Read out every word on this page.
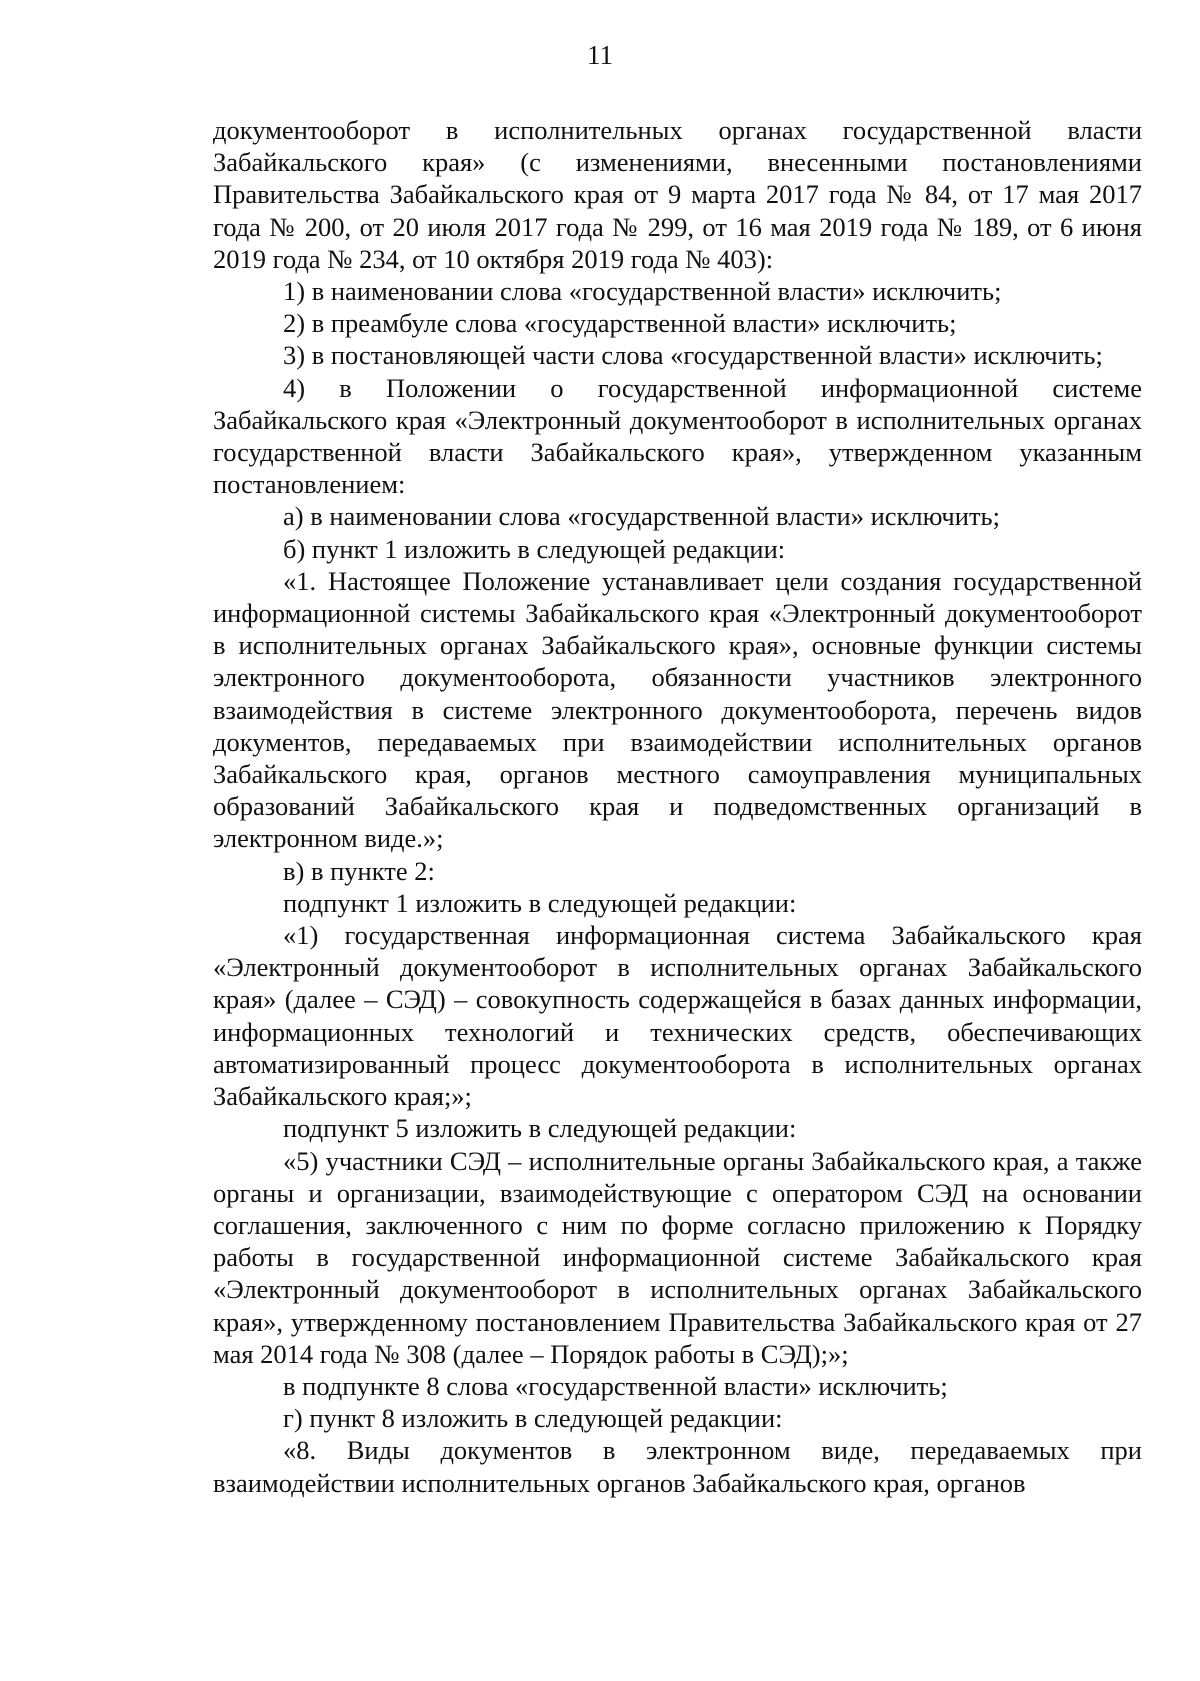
11

документооборот в исполнительных органах государственной власти Забайкальского края» (с изменениями, внесенными постановлениями Правительства Забайкальского края от 9 марта 2017 года № 84, от 17 мая 2017 года № 200, от 20 июля 2017 года № 299, от 16 мая 2019 года № 189, от 6 июня 2019 года № 234, от 10 октября 2019 года № 403):

1) в наименовании слова «государственной власти» исключить;

2) в преамбуле слова «государственной власти» исключить;

3) в постановляющей части слова «государственной власти» исключить;

4) в Положении о государственной информационной системе Забайкальского края «Электронный документооборот в исполнительных органах государственной власти Забайкальского края», утвержденном указанным постановлением:

а) в наименовании слова «государственной власти» исключить;

б) пункт 1 изложить в следующей редакции:

«1. Настоящее Положение устанавливает цели создания государственной информационной системы Забайкальского края «Электронный документооборот в исполнительных органах Забайкальского края», основные функции системы электронного документооборота, обязанности участников электронного взаимодействия в системе электронного документооборота, перечень видов документов, передаваемых при взаимодействии исполнительных органов Забайкальского края, органов местного самоуправления муниципальных образований Забайкальского края и подведомственных организаций в электронном виде.»;

в) в пункте 2:

подпункт 1 изложить в следующей редакции:

«1) государственная информационная система Забайкальского края «Электронный документооборот в исполнительных органах Забайкальского края» (далее – СЭД) – совокупность содержащейся в базах данных информации, информационных технологий и технических средств, обеспечивающих автоматизированный процесс документооборота в исполнительных органах Забайкальского края;»;

подпункт 5 изложить в следующей редакции:

«5) участники СЭД – исполнительные органы Забайкальского края, а также органы и организации, взаимодействующие с оператором СЭД на основании соглашения, заключенного с ним по форме согласно приложению к Порядку работы в государственной информационной системе Забайкальского края «Электронный документооборот в исполнительных органах Забайкальского края», утвержденному постановлением Правительства Забайкальского края от 27 мая 2014 года № 308 (далее – Порядок работы в СЭД);»;

в подпункте 8 слова «государственной власти» исключить;

г) пункт 8 изложить в следующей редакции:

«8. Виды документов в электронном виде, передаваемых при взаимодействии исполнительных органов Забайкальского края, органов
